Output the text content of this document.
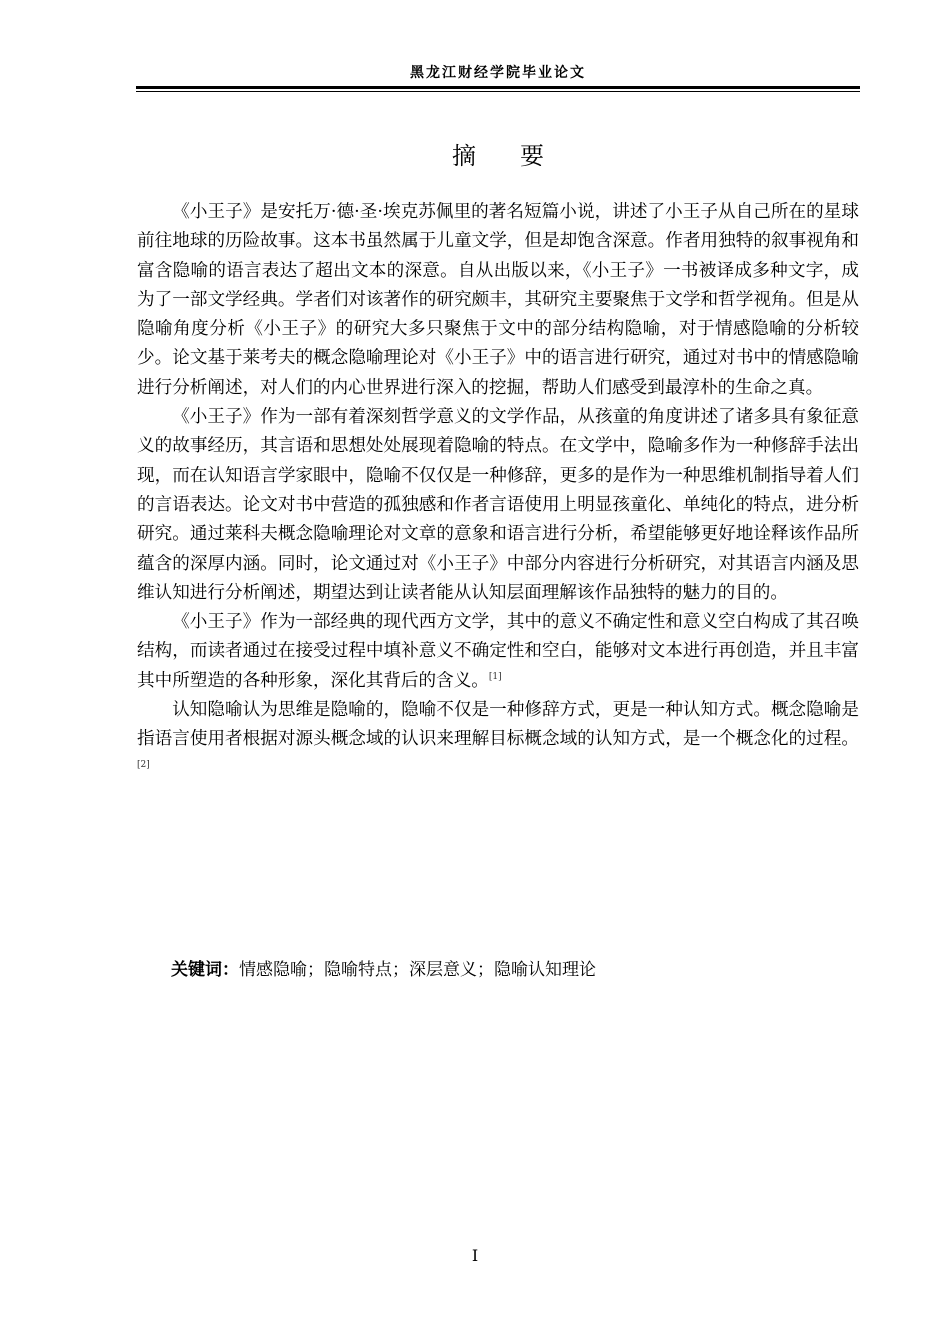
黑龙江财经学院毕业论文
摘 要

《小王子》是安托万·德·圣·埃克苏佩里的著名短篇小说，讲述了小王子从自己所在的星球前往地球的历险故事。这本书虽然属于儿童文学，但是却饱含深意。作者用独特的叙事视角和富含隐喻的语言表达了超出文本的深意。自从出版以来，《小王子》一书被译成多种文字，成为了一部文学经典。学者们对该著作的研究颇丰，其研究主要聚焦于文学和哲学视角。但是从隐喻角度分析《小王子》的研究大多只聚焦于文中的部分结构隐喻，对于情感隐喻的分析较少。论文基于莱考夫的概念隐喻理论对《小王子》中的语言进行研究，通过对书中的情感隐喻进行分析阐述，对人们的内心世界进行深入的挖掘，帮助人们感受到最淳朴的生命之真。

《小王子》作为一部有着深刻哲学意义的文学作品，从孩童的角度讲述了诸多具有象征意义的故事经历，其言语和思想处处展现着隐喻的特点。在文学中，隐喻多作为一种修辞手法出现，而在认知语言学家眼中，隐喻不仅仅是一种修辞，更多的是作为一种思维机制指导着人们的言语表达。论文对书中营造的孤独感和作者言语使用上明显孩童化、单纯化的特点，进分析研究。通过莱科夫概念隐喻理论对文章的意象和语言进行分析，希望能够更好地诠释该作品所蕴含的深厚内涵。同时，论文通过对《小王子》中部分内容进行分析研究，对其语言内涵及思维认知进行分析阐述，期望达到让读者能从认知层面理解该作品独特的魅力的目的。

《小王子》作为一部经典的现代西方文学，其中的意义不确定性和意义空白构成了其召唤结构，而读者通过在接受过程中填补意义不确定性和空白，能够对文本进行再创造，并且丰富其中所塑造的各种形象，深化其背后的含义。[1]

认知隐喻认为思维是隐喻的，隐喻不仅是一种修辞方式，更是一种认知方式。概念隐喻是指语言使用者根据对源头概念域的认识来理解目标概念域的认知方式，是一个概念化的过程。[2]

关键词：情感隐喻；隐喻特点；深层意义；隐喻认知理论
I
